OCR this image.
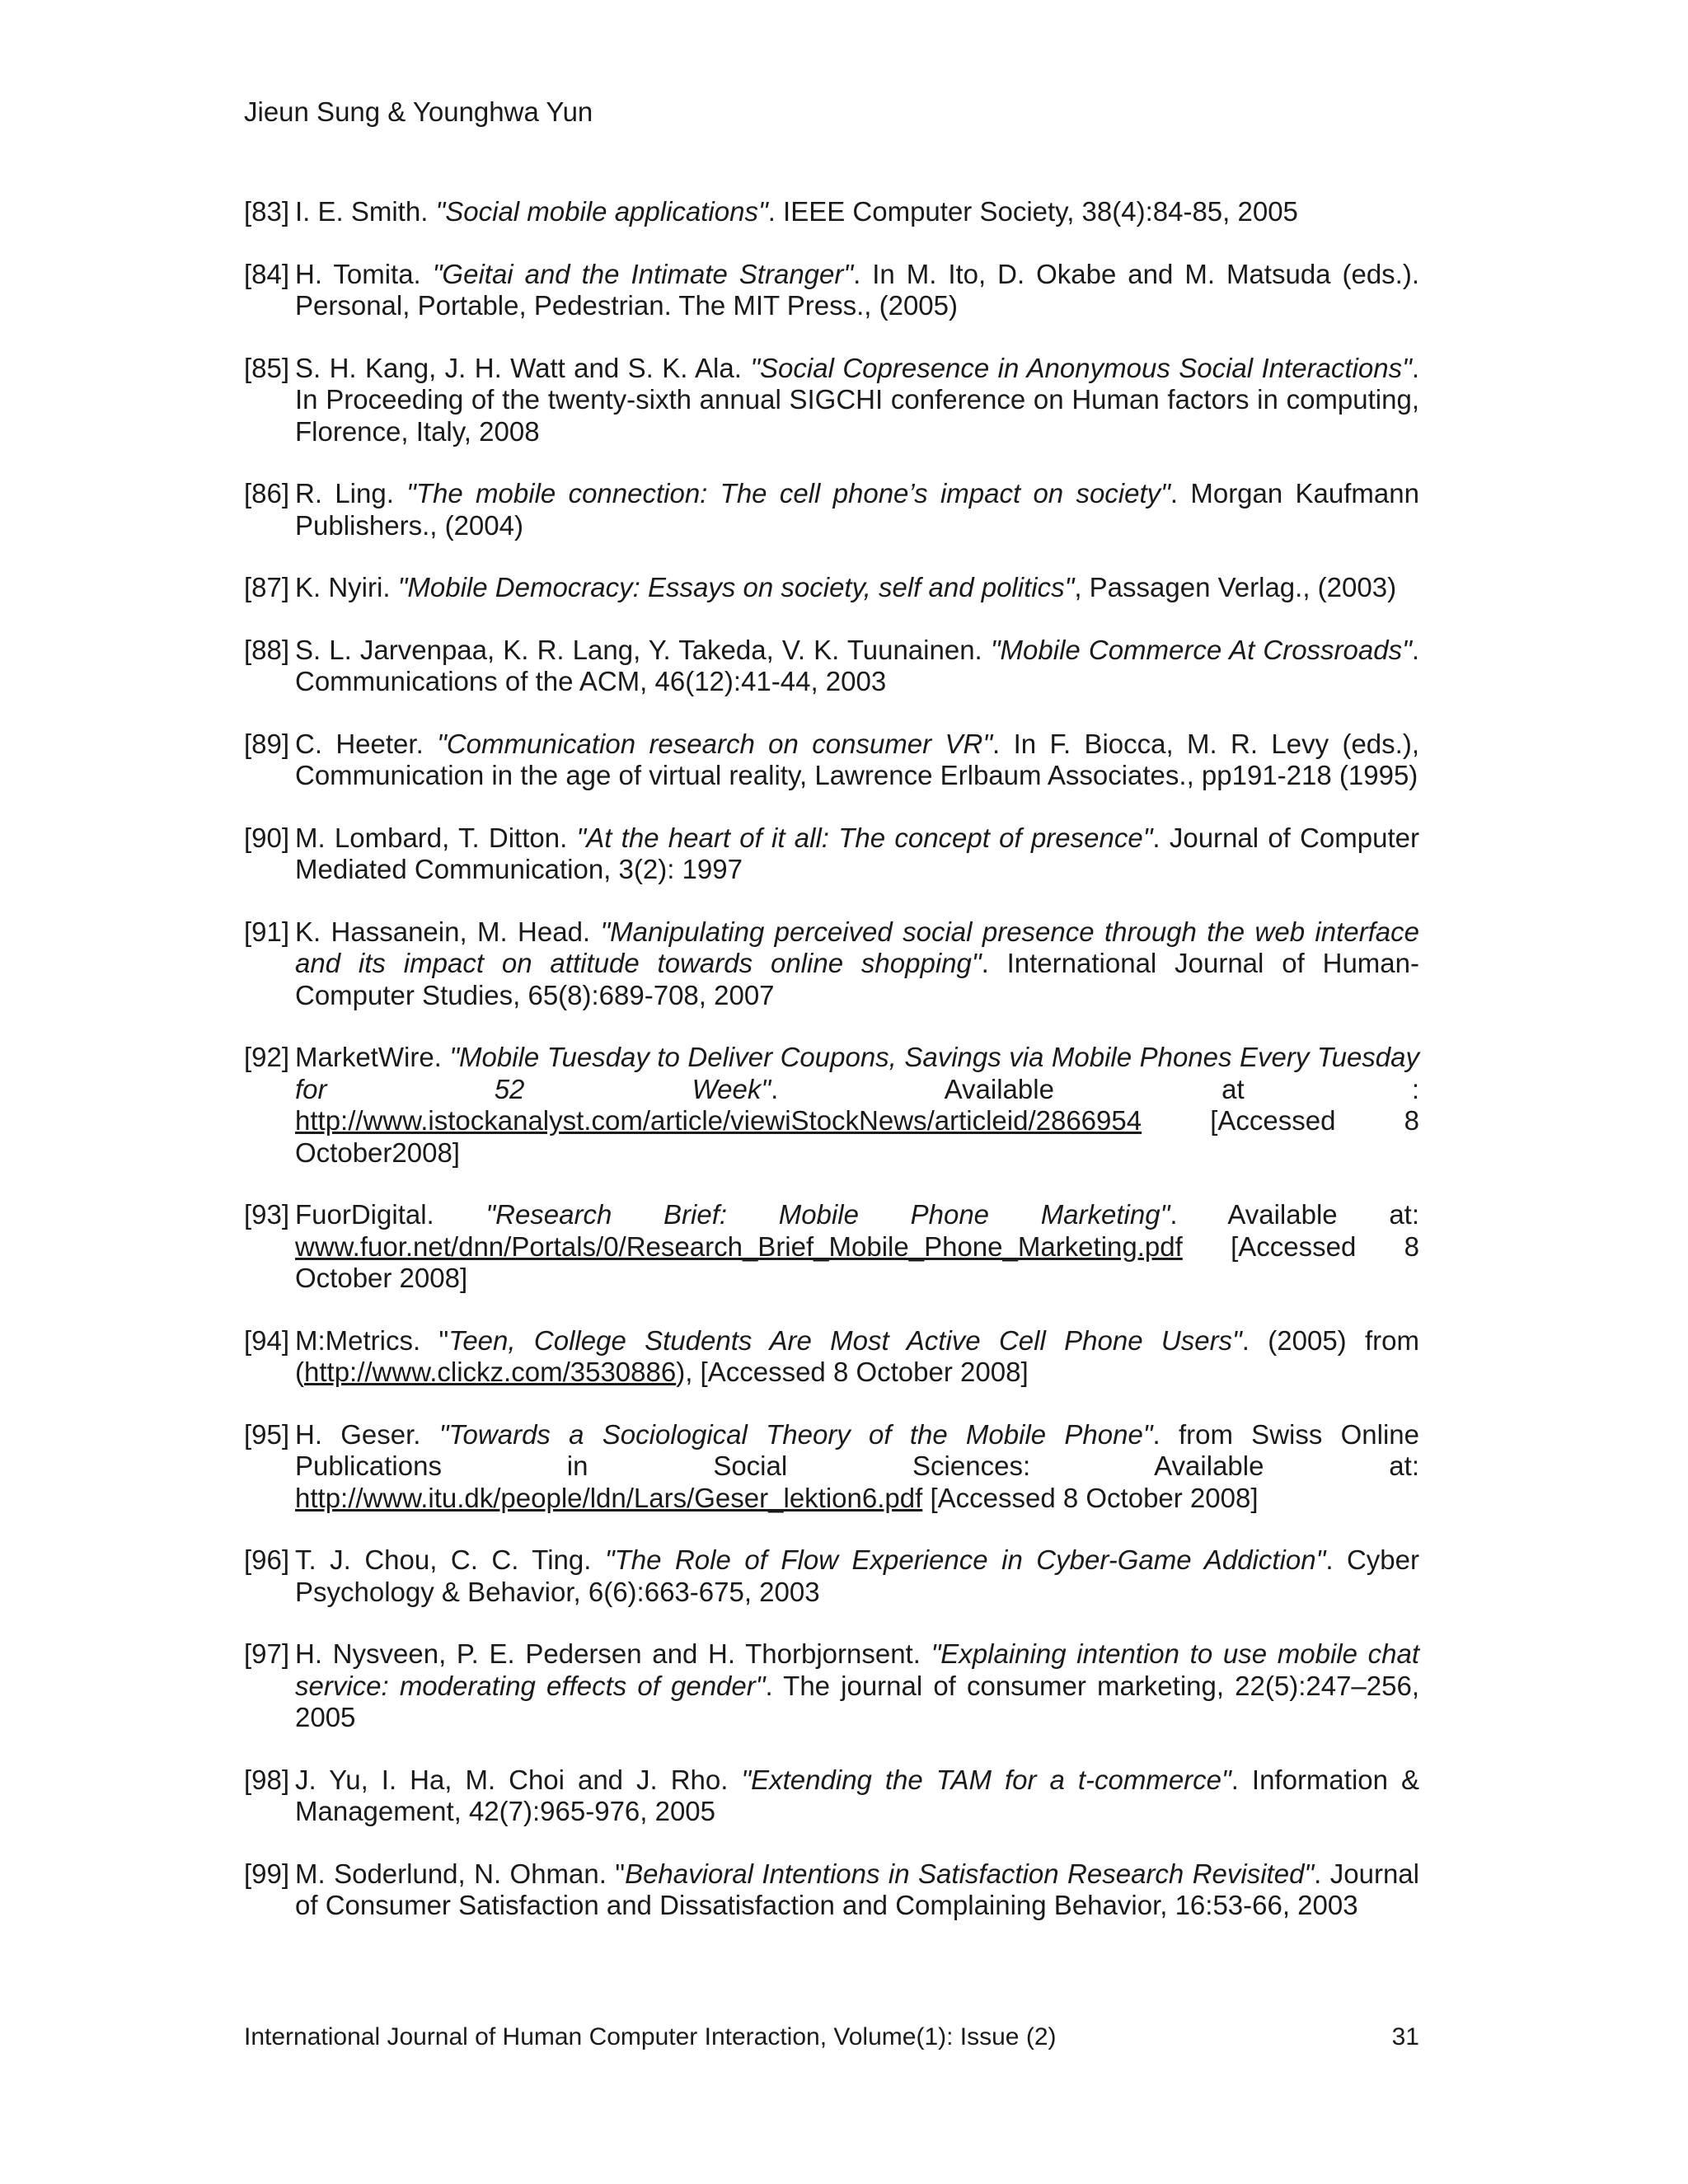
Jieun Sung & Younghwa Yun
[83] I. E. Smith. "Social mobile applications". IEEE Computer Society, 38(4):84-85, 2005
[84] H. Tomita. "Geitai and the Intimate Stranger". In M. Ito, D. Okabe and M. Matsuda (eds.). Personal, Portable, Pedestrian. The MIT Press., (2005)
[85] S. H. Kang, J. H. Watt and S. K. Ala. "Social Copresence in Anonymous Social Interactions". In Proceeding of the twenty-sixth annual SIGCHI conference on Human factors in computing, Florence, Italy, 2008
[86] R. Ling. "The mobile connection: The cell phone’s impact on society". Morgan Kaufmann Publishers., (2004)
[87] K. Nyiri. "Mobile Democracy: Essays on society, self and politics", Passagen Verlag., (2003)
[88] S. L. Jarvenpaa, K. R. Lang, Y. Takeda, V. K. Tuunainen. "Mobile Commerce At Crossroads". Communications of the ACM, 46(12):41-44, 2003
[89] C. Heeter. "Communication research on consumer VR". In F. Biocca, M. R. Levy (eds.), Communication in the age of virtual reality, Lawrence Erlbaum Associates., pp191-218 (1995)
[90] M. Lombard, T. Ditton. "At the heart of it all: The concept of presence". Journal of Computer Mediated Communication, 3(2): 1997
[91] K. Hassanein, M. Head. "Manipulating perceived social presence through the web interface and its impact on attitude towards online shopping". International Journal of Human-Computer Studies, 65(8):689-708, 2007
[92] MarketWire. "Mobile Tuesday to Deliver Coupons, Savings via Mobile Phones Every Tuesday for 52 Week". Available at : http://www.istockanalyst.com/article/viewiStockNews/articleid/2866954 [Accessed 8 October2008]
[93] FuorDigital. "Research Brief: Mobile Phone Marketing". Available at: www.fuor.net/dnn/Portals/0/Research_Brief_Mobile_Phone_Marketing.pdf [Accessed 8 October 2008]
[94] M:Metrics. "Teen, College Students Are Most Active Cell Phone Users". (2005) from (http://www.clickz.com/3530886), [Accessed 8 October 2008]
[95] H. Geser. "Towards a Sociological Theory of the Mobile Phone". from Swiss Online Publications in Social Sciences: Available at: http://www.itu.dk/people/ldn/Lars/Geser_lektion6.pdf [Accessed 8 October 2008]
[96] T. J. Chou, C. C. Ting. "The Role of Flow Experience in Cyber-Game Addiction". Cyber Psychology & Behavior, 6(6):663-675, 2003
[97] H. Nysveen, P. E. Pedersen and H. Thorbjornsent. "Explaining intention to use mobile chat service: moderating effects of gender". The journal of consumer marketing, 22(5):247–256, 2005
[98] J. Yu, I. Ha, M. Choi and J. Rho. "Extending the TAM for a t-commerce". Information & Management, 42(7):965-976, 2005
[99] M. Soderlund, N. Ohman. "Behavioral Intentions in Satisfaction Research Revisited". Journal of Consumer Satisfaction and Dissatisfaction and Complaining Behavior, 16:53-66, 2003
International Journal of Human Computer Interaction, Volume(1): Issue (2)	31
